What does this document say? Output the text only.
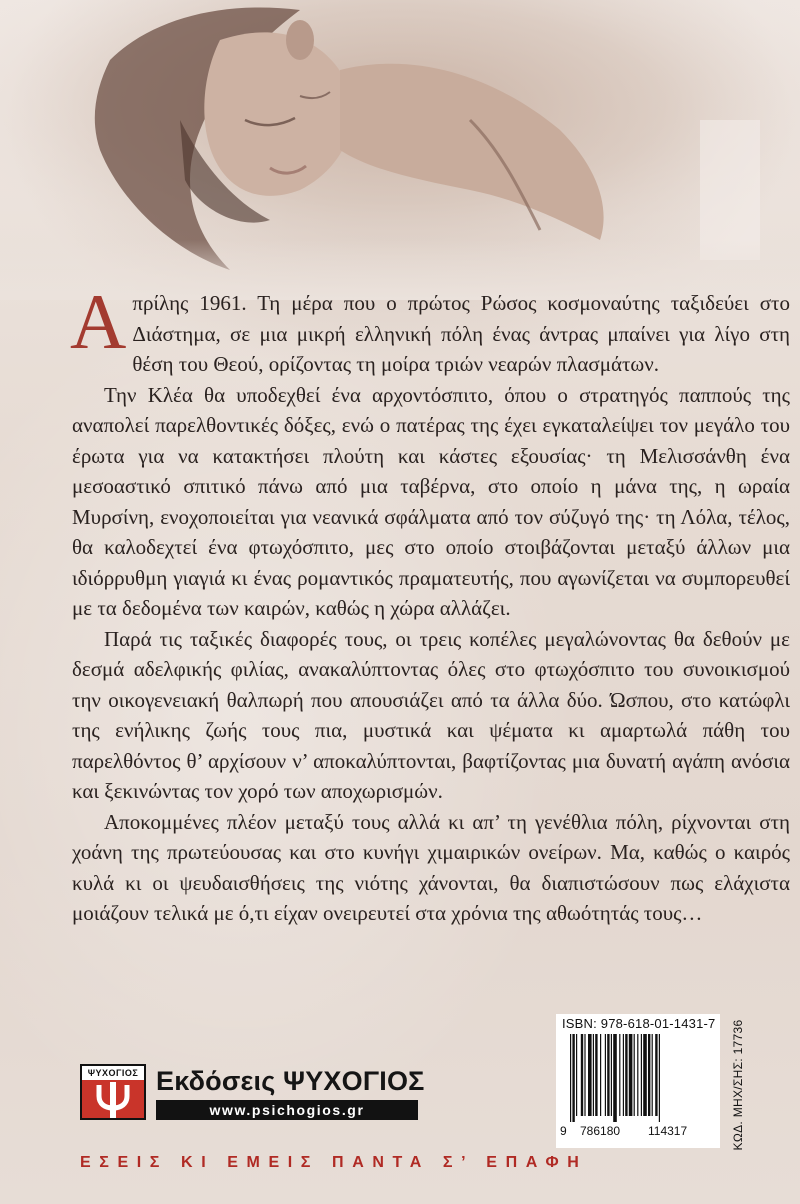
Απρίλης 1961. Τη μέρα που ο πρώτος Ρώσος κοσμοναύτης ταξιδεύει στο Διάστημα, σε μια μικρή ελληνική πόλη ένας άντρας μπαίνει για λίγο στη θέση του Θεού, ορίζοντας τη μοίρα τριών νεαρών πλασμάτων.

Την Κλέα θα υποδεχθεί ένα αρχοντόσπιτο, όπου ο στρατηγός παππούς της αναπολεί παρελθοντικές δόξες, ενώ ο πατέρας της έχει εγκαταλείψει τον μεγάλο του έρωτα για να κατακτήσει πλούτη και κάστες εξουσίας· τη Μελισσάνθη ένα μεσοαστικό σπιτικό πάνω από μια ταβέρνα, στο οποίο η μάνα της, η ωραία Μυρσίνη, ενοχοποιείται για νεανικά σφάλματα από τον σύζυγό της· τη Λόλα, τέλος, θα καλοδεχτεί ένα φτωχόσπιτο, μες στο οποίο στοιβάζονται μεταξύ άλλων μια ιδιόρρυθμη γιαγιά κι ένας ρομαντικός πραματευτής, που αγωνίζεται να συμπορευθεί με τα δεδομένα των καιρών, καθώς η χώρα αλλάζει.

Παρά τις ταξικές διαφορές τους, οι τρεις κοπέλες μεγαλώνοντας θα δεθούν με δεσμά αδελφικής φιλίας, ανακαλύπτοντας όλες στο φτωχόσπιτο του συνοικισμού την οικογενειακή θαλπωρή που απουσιάζει από τα άλλα δύο. Ώσπου, στο κατώφλι της ενήλικης ζωής τους πια, μυστικά και ψέματα κι αμαρτωλά πάθη του παρελθόντος θ’ αρχίσουν ν’ αποκαλύπτονται, βαφτίζοντας μια δυνατή αγάπη ανόσια και ξεκινώντας τον χορό των αποχωρισμών.

Αποκομμένες πλέον μεταξύ τους αλλά κι απ’ τη γενέθλια πόλη, ρίχνονται στη χοάνη της πρωτεύουσας και στο κυνήγι χιμαιρικών ονείρων. Μα, καθώς ο καιρός κυλά κι οι ψευδαισθήσεις της νιότης χάνονται, θα διαπιστώσουν πως ελάχιστα μοιάζουν τελικά με ό,τι είχαν ονειρευτεί στα χρόνια της αθωότητάς τους…

ISBN: 978-618-01-1431-7
9 786180 114317	ΚΩΔ. ΜΗΧ/ΣΗΣ: 17736
ΨΥΧΟΓΙΟΣ Εκδόσεις ΨΥΧΟΓΙΟΣ
www.psichogios.gr
ΕΣΕΙΣ ΚΙ ΕΜΕΙΣ ΠΑΝΤΑ Σ’ ΕΠΑΦΗ
